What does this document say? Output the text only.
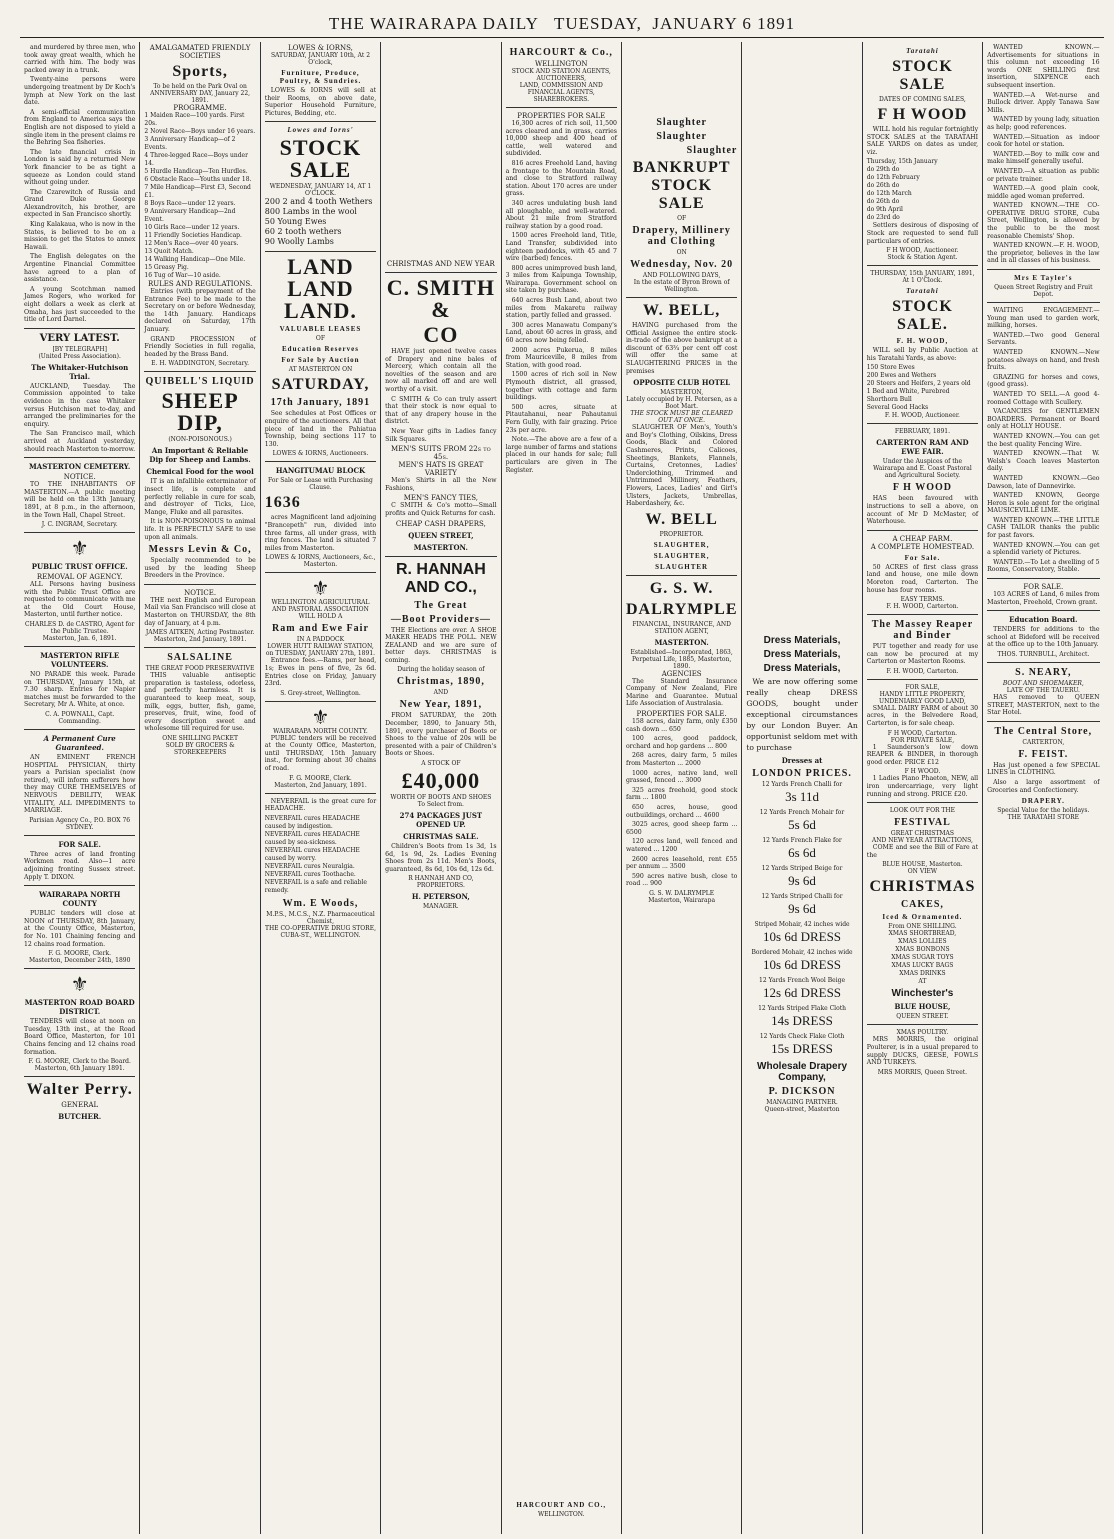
THE WAIRARAPA DAILY TUESDAY, JANUARY 6 1891

and murdered by three men, who took away great wealth, which he carried with him. The body was packed away in a trunk.

Twenty-nine persons were undergoing treatment by Dr Koch's lymph at New York on the last date.

A semi-official communication from England to America says the English are not disposed to yield a single item in the present claims re the Behring Sea fisheries.

The late financial crisis in London is said by a returned New York financier to be as tight a squeeze as London could stand without going under.

The Czarewitch of Russia and Grand Duke George Alexandrovitch, his brother, are expected in San Francisco shortly.

King Kalakaua, who is now in the States, is believed to be on a mission to get the States to annex Hawaii.

The English delegates on the Argentine Financial Committee have agreed to a plan of assistance.

A young Scotchman named James Rogers, who worked for eight dollars a week as clerk at Omaha, has just succeeded to the title of Lord Darnel.

VERY LATEST.
[BY TELEGRAPH]
(United Press Association).
The Whitaker-Hutchison Trial.

AUCKLAND, Tuesday. The Commission appointed to take evidence in the case Whitaker versus Hutchison met to-day, and arranged the preliminaries for the enquiry.

The San Francisco mail, which arrived at Auckland yesterday, should reach Masterton to-morrow.

MASTERTON CEMETERY.
NOTICE.

TO THE INHABITANTS OF MASTERTON.—A public meeting will be held on the 13th January, 1891, at 8 p.m., in the afternoon, in the Town Hall, Chapel Street.

J. C. INGRAM, Secretary.
⚜
PUBLIC TRUST OFFICE.
REMOVAL OF AGENCY.

ALL Persons having business with the Public Trust Office are requested to communicate with me at the Old Court House, Masterton, until further notice.

CHARLES D. de CASTRO, Agent for the Public Trustee.
Masterton, Jan. 6, 1891.
MASTERTON RIFLE VOLUNTEERS.

NO PARADE this week. Parade on THURSDAY, January 15th, at 7.30 sharp. Entries for Napier matches must be forwarded to the Secretary, Mr A. White, at once.

C. A. POWNALL, Capt. Commanding.
A Permanent Cure Guaranteed.

AN EMINENT FRENCH HOSPITAL PHYSICIAN, thirty years a Parisian specialist (now retired), will inform sufferers how they may CURE THEMSELVES of NERVOUS DEBILITY, WEAK VITALITY, ALL IMPEDIMENTS to MARRIAGE.

Parisian Agency Co., P.O. BOX 76 SYDNEY.
FOR SALE.

Three acres of land fronting Workmen road. Also—1 acre adjoining fronting Sussex street. Apply T. DIXON.

WAIRARAPA NORTH COUNTY

PUBLIC tenders will close at NOON of THURSDAY, 8th January, at the County Office, Masterton, for No. 101 Chaining fencing and 12 chains road formation.

F. G. MOORE, Clerk.
Masterton, December 24th, 1890
⚜
MASTERTON ROAD BOARD DISTRICT.

TENDERS will close at noon on Tuesday, 13th inst., at the Road Board Office, Masterton, for 101 Chains fencing and 12 chains road formation.

F. G. MOORE, Clerk to the Board.
Masterton, 6th January 1891.
Walter Perry.
GENERAL
BUTCHER.
AMALGAMATED FRIENDLY SOCIETIES
Sports,
To be held on the Park Oval on ANNIVERSARY DAY, January 22, 1891.
PROGRAMME.
1 Maiden Race—100 yards. First 20s.
2 Novel Race—Boys under 16 years.
3 Anniversary Handicap—of 2 Events.
4 Three-legged Race—Boys under 14.
5 Hurdle Handicap—Ten Hurdles.
6 Obstacle Race—Youths under 18.
7 Mile Handicap—First £3, Second £1.
8 Boys Race—under 12 years.
9 Anniversary Handicap—2nd Event.
10 Girls Race—under 12 years.
11 Friendly Societies Handicap.
12 Men's Race—over 40 years.
13 Quoit Match.
14 Walking Handicap—One Mile.
15 Greasy Pig.
16 Tug of War—10 aside.
RULES AND REGULATIONS.

Entries (with prepayment of the Entrance Fee) to be made to the Secretary on or before Wednesday, the 14th January. Handicaps declared on Saturday, 17th January.

GRAND PROCESSION of Friendly Societies in full regalia, headed by the Brass Band.

E. H. WADDINGTON, Secretary.
QUIBELL'S LIQUID
SHEEP DIP,
(NON-POISONOUS.)
An Important & Reliable Dip for Sheep and Lambs.
Chemical Food for the wool

IT is an infallible exterminator of insect life, is complete and perfectly reliable in cure for scab, and destroyer of Ticks, Lice, Mange, Fluke and all parasites.

It is NON-POISONOUS to animal life. It is PERFECTLY SAFE to use upon all animals.

Messrs Levin & Co,

Specially recommended to be used by the leading Sheep Breeders in the Province.

NOTICE.

THE next English and European Mail via San Francisco will close at Masterton on THURSDAY, the 8th day of January, at 4 p.m.

JAMES AITKEN, Acting Postmaster.
Masterton, 2nd January, 1891.
SALSALINE
THE GREAT FOOD PRESERVATIVE

THIS valuable antiseptic preparation is tasteless, odorless, and perfectly harmless. It is guaranteed to keep meat, soup, milk, eggs, butter, fish, game, preserves, fruit, wine, food of every description sweet and wholesome till required for use.

ONE SHILLING PACKET
SOLD BY GROCERS & STOREKEEPERS
LOWES & IORNS,
SATURDAY, JANUARY 10th, At 2 O'clock,
Furniture, Produce, Poultry, & Sundries.

LOWES & IORNS will sell at their Rooms, on above date, Superior Household Furniture, Pictures, Bedding, etc.

Lowes and Iorns'
STOCK SALE
WEDNESDAY, JANUARY 14, AT 1 O'CLOCK.
200 2 and 4 tooth Wethers
800 Lambs in the wool
50 Young Ewes
60 2 tooth wethers
90 Woolly Lambs
LAND LAND LAND.
VALUABLE LEASES
OF
Education Reserves
For Sale by Auction
AT MASTERTON ON
SATURDAY,
17th January, 1891

See schedules at Post Offices or enquire of the auctioneers. All that piece of land in the Pahiatua Township, being sections 117 to 130.

LOWES & IORNS, Auctioneers.
HANGITUMAU BLOCK
For Sale or Lease with Purchasing Clause.
1636

acres Magnificent land adjoining "Brancepeth" run, divided into three farms, all under grass, with ring fences. The land is situated 7 miles from Masterton.

LOWES & IORNS, Auctioneers, &c., Masterton.
⚜
WELLINGTON AGRICULTURAL AND PASTORAL ASSOCIATION
WILL HOLD A
Ram and Ewe Fair
IN A PADDOCK
LOWER HUTT RAILWAY STATION,
on TUESDAY, JANUARY 27th, 1891.

Entrance fees.—Rams, per head, 1s; Ewes in pens of five, 2s 6d. Entries close on Friday, January 23rd.

S. Grey-street, Wellington.
⚜
WAIRARAPA NORTH COUNTY.

PUBLIC tenders will be received at the County Office, Masterton, until THURSDAY, 15th January inst., for forming about 30 chains of road.

F. G. MOORE, Clerk.
Masterton, 2nd January, 1891.

NEVERFAIL is the great cure for HEADACHE.

NEVERFAIL cures HEADACHE caused by indigestion.
NEVERFAIL cures HEADACHE caused by sea-sickness.
NEVERFAIL cures HEADACHE caused by worry.
NEVERFAIL cures Neuralgia.
NEVERFAIL cures Toothache.
NEVERFAIL is a safe and reliable remedy.
Wm. E Woods,
M.P.S., M.C.S., N.Z. Pharmaceutical Chemist,
THE CO-OPERATIVE DRUG STORE, CUBA-ST., WELLINGTON.
CHRISTMAS AND NEW YEAR
C. SMITH &
CO

HAVE just opened twelve cases of Drapery and nine bales of Mercery, which contain all the novelties of the season and are now all marked off and are well worthy of a visit.

C SMITH & Co can truly assert that their stock is now equal to that of any drapery house in the district.

New Year gifts in Ladies fancy Silk Squares.

MEN'S SUITS FROM 22s to 45s.
MEN'S HATS IS GREAT VARIETY

Men's Shirts in all the New Fashions,

MEN'S FANCY TIES,

C SMITH & Co's motto—Small profits and Quick Returns for cash.

CHEAP CASH DRAPERS,
QUEEN STREET,
MASTERTON.
R. HANNAH AND CO.,
The Great
—Boot Providers—

THE Elections are over. A SHOE MAKER HEADS THE POLL. NEW ZEALAND and we are sure of better days. CHRISTMAS is coming.

During the holiday season of
Christmas, 1890,
AND
New Year, 1891,

FROM SATURDAY, the 20th December, 1890, to January 5th, 1891, every purchaser of Boots or Shoes to the value of 20s will be presented with a pair of Children's Boots or Shoes.

A STOCK OF
£40,000
WORTH OF BOOTS AND SHOES
To Select from.
274 PACKAGES JUST OPENED UP.
CHRISTMAS SALE.

Children's Boots from 1s 3d, 1s 6d, 1s 9d, 2s. Ladies Evening Shoes from 2s 11d. Men's Boots, guaranteed, 8s 6d, 10s 6d, 12s 6d.

R HANNAH AND CO, PROPRIETORS.
H. PETERSON,
MANAGER.
HARCOURT & Co.,
WELLINGTON
STOCK AND STATION AGENTS, AUCTIONEERS,
LAND, COMMISSION AND FINANCIAL AGENTS, SHAREBROKERS.
PROPERTIES FOR SALE

16,300 acres of rich soil, 11,500 acres cleared and in grass, carries 10,000 sheep and 400 head of cattle, well watered and subdivided.

816 acres Freehold Land, having a frontage to the Mountain Road, and close to Stratford railway station. About 170 acres are under grass.

340 acres undulating bush land all ploughable, and well-watered. About 21 mile from Stratford railway station by a good road.

1500 acres Freehold land, Title, Land Transfer, subdivided into eighteen paddocks, with 45 and 7 wire (barbed) fences.

800 acres unimproved bush land, 3 miles from Kaipunga Township, Wairarapa. Government school on site taken by purchase.

640 acres Bush Land, about two miles from Makaretu railway station, partly felled and grassed.

300 acres Manawatu Company's Land, about 60 acres in grass, and 60 acres now being felled.

2000 acres Pukerua, 8 miles from Mauriceville, 8 miles from Station, with good road.

1500 acres of rich soil in New Plymouth district, all grassed, together with cottage and farm buildings.

500 acres, situate at Pitautahanui, near Pahautanui Fern Gully, with fair grazing. Price 23s per acre.

Note.—The above are a few of a large number of farms and stations placed in our hands for sale; full particulars are given in The Register.

HARCOURT AND CO.,
WELLINGTON.
Slaughter
Slaughter
Slaughter
BANKRUPT STOCK SALE
OF
Drapery, Millinery and Clothing
ON
Wednesday, Nov. 20
AND FOLLOWING DAYS,
In the estate of Byron Brown of Wellington.
W. BELL,

HAVING purchased from the Official Assignee the entire stock-in-trade of the above bankrupt at a discount of 63¾ per cent off cost will offer the same at SLAUGHTERING PRICES in the premises

OPPOSITE CLUB HOTEL
MASTERTON,
Lately occupied by H. Petersen, as a Boot Mart.
THE STOCK MUST BE CLEARED OUT AT ONCE.

SLAUGHTER OF Men's, Youth's and Boy's Clothing, Oilskins, Dress Goods, Black and Colored Cashmeres, Prints, Calicoes, Sheetings, Blankets, Flannels, Curtains, Cretonnes, Ladies' Underclothing, Trimmed and Untrimmed Millinery, Feathers, Flowers, Laces, Ladies' and Girl's Ulsters, Jackets, Umbrellas, Haberdashery, &c.

W. BELL
PROPRIETOR.
SLAUGHTER,
SLAUGHTER,
SLAUGHTER
G. S. W.
DALRYMPLE
FINANCIAL, INSURANCE, AND STATION AGENT,
MASTERTON.
Established—Incorporated, 1863, Perpetual Life, 1885, Masterton, 1890.
AGENCIES

The Standard Insurance Company of New Zealand, Fire Marine and Guarantee. Mutual Life Association of Australasia.

PROPERTIES FOR SALE.

158 acres, dairy farm, only £350 cash down ... 650

100 acres, good paddock, orchard and hop gardens ... 800

268 acres, dairy farm, 5 miles from Masterton ... 2000

1000 acres, native land, well grassed, fenced ... 3000

325 acres freehold, good stock farm ... 1800

650 acres, house, good outbuildings, orchard ... 4600

3025 acres, good sheep farm ... 6500

120 acres land, well fenced and watered ... 1200

2600 acres leasehold, rent £55 per annum ... 3500

590 acres native bush, close to road ... 900

G. S. W. DALRYMPLE
Masterton, Wairarapa
Dress Materials,
Dress Materials,
Dress Materials,

We are now offering some really cheap DRESS GOODS, bought under exceptional circumstances by our London Buyer. An opportunist seldom met with to purchase

Dresses at
LONDON PRICES.
12 Yards French Challi for
3s 11d
12 Yards French Mohair for
5s 6d
12 Yards French Flake for
6s 6d
12 Yards Striped Beige for
9s 6d
12 Yards Striped Challi for
9s 6d
Striped Mohair, 42 inches wide
10s 6d DRESS
Bordered Mohair, 42 inches wide
10s 6d DRESS
12 Yards French Wool Beige
12s 6d DRESS
12 Yards Striped Flake Cloth
14s DRESS
12 Yards Check Flake Cloth
15s DRESS
Wholesale Drapery Company,
P. DICKSON
MANAGING PARTNER.
Queen-street, Masterton
Taratahi
STOCK SALE
DATES OF COMING SALES,
F H WOOD

WILL hold his regular fortnightly STOCK SALES at the TARATAHI SALE YARDS on dates as under, viz.

Thursday, 15th January
do 29th do
do 12th February
do 26th do
do 12th March
do 26th do
do 9th April
do 23rd do

Settlers desirous of disposing of Stock are requested to send full particulars of entries.

F H WOOD, Auctioneer.
Stock & Station Agent.
THURSDAY, 15th JANUARY, 1891, At 1 O'Clock.
Taratahi
STOCK SALE.
F. H. WOOD,

WILL sell by Public Auction at his Taratahi Yards, as above:

150 Store Ewes
200 Ewes and Wethers
20 Steers and Heifers, 2 years old
1 Bed and White, Purebred Shorthorn Bull
Several Good Hacks
F. H. WOOD, Auctioneer.
FEBRUARY, 1891.
CARTERTON RAM AND EWE FAIR.
Under the Auspices of the Wairarapa and E. Coast Pastoral and Agricultural Society.
F H WOOD

HAS been favoured with instructions to sell a above, on account of Mr D McMaster, of Waterhouse.

A CHEAP FARM.
A COMPLETE HOMESTEAD.
For Sale.

50 ACRES of first class grass land and house, one mile down Moreton road, Carterton. The house has four rooms.

EASY TERMS.
F. H. WOOD, Carterton.
The Massey Reaper and Binder

PUT together and ready for use can now be procured at my Carterton or Masterton Rooms.

F. H. WOOD, Carterton.
FOR SALE,
HANDY LITTLE PROPERTY,
UNDENIABLY GOOD LAND,

SMALL DAIRY FARM of about 30 acres, in the Belvedere Road, Carterton, is for sale cheap.

F H WOOD, Carterton.
FOR PRIVATE SALE,

1 Saunderson's low down REAPER & BINDER, in thorough good order. PRICE £12

F H WOOD.

1 Ladies Piano Phaeton, NEW, all iron undercarriage, very light running and strong. PRICE £20.

LOOK OUT FOR THE
FESTIVAL
GREAT CHRISTMAS
AND NEW YEAR ATTRACTIONS,

COME and see the Bill of Fare at the

BLUE HOUSE, Masterton.
ON VIEW
CHRISTMAS
CAKES,
Iced & Ornamented.
From ONE SHILLING.
XMAS SHORTBREAD,
XMAS LOLLIES
XMAS BONBONS
XMAS SUGAR TOYS
XMAS LUCKY BAGS
XMAS DRINKS
AT
Winchester's
BLUE HOUSE,
QUEEN STREET.
XMAS POULTRY.

MRS MORRIS, the original Poulterer, is in a usual prepared to supply DUCKS, GEESE, FOWLS AND TURKEYS.

MRS MORRIS, Queen Street.

WANTED KNOWN.—Advertisements for situations in this column not exceeding 16 words ONE SHILLING first insertion, SIXPENCE each subsequent insertion.

WANTED.—A Wet-nurse and Bullock driver. Apply Tanawa Saw Mills.

WANTED by young lady, situation as help; good references.

WANTED.—Situation as indoor cook for hotel or station.

WANTED.—Boy to milk cow and make himself generally useful.

WANTED.—A situation as public or private trainer.

WANTED.—A good plain cook, middle aged woman preferred.

WANTED KNOWN.—THE CO-OPERATIVE DRUG STORE, Cuba Street, Wellington, is allowed by the public to be the most reasonable Chemists' Shop.

WANTED KNOWN.—F. H. WOOD, the proprietor, believes in the law and in all classes of his business.

Mrs E Tayler's
Queen Street Registry and Fruit Depot.

WAITING ENGAGEMENT.—Young man used to garden work, milking, horses.

WANTED.—Two good General Servants.

WANTED KNOWN.—New potatoes always on hand, and fresh fruits.

GRAZING for horses and cows, (good grass).

WANTED TO SELL.—A good 4-roomed Cottage with Scullery.

VACANCIES for GENTLEMEN BOARDERS. Permanent or Board only at HOLLY HOUSE.

WANTED KNOWN.—You can get the best quality Fencing Wire.

WANTED KNOWN.—That W. Welsh's Coach leaves Masterton daily.

WANTED KNOWN.—Geo Dawson, late of Dannevirke.

WANTED KNOWN, George Heron is sole agent for the original MAUSICEVILLE LIME.

WANTED KNOWN.—THE LITTLE CASH TAILOR thanks the public for past favors.

WANTED KNOWN.—You can get a splendid variety of Pictures.

WANTED.—To Let a dwelling of 5 Rooms, Conservatory, Stable.

FOR SALE.

103 ACRES of Land, 6 miles from Masterton, Freehold, Crown grant.

Education Board.

TENDERS for additions to the school at Bideford will be received at the office up to the 10th January.

THOS. TURNBULL, Architect.
S. NEARY,
BOOT AND SHOEMAKER,
LATE OF THE TAUERU.

HAS removed to QUEEN STREET, MASTERTON, next to the Star Hotel.

The Central Store,
CARTERTON,
F. FEIST.

Has just opened a few SPECIAL LINES in CLOTHING.

Also a large assortment of Groceries and Confectionery.

DRAPERY.
Special Value for the holidays.
THE TARATAHI STORE
